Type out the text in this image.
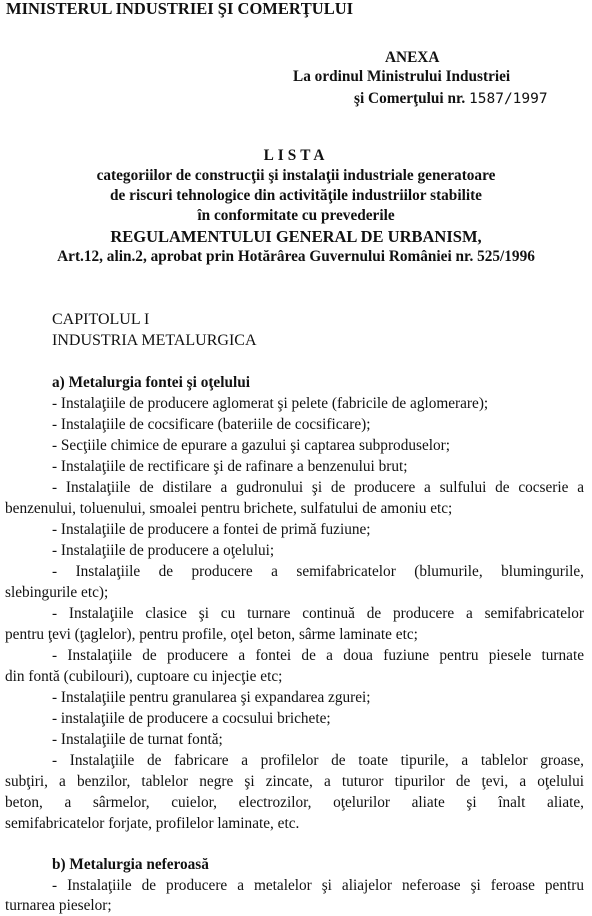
MINISTERUL INDUSTRIEI ŞI COMERŢULUI
ANEXA
La ordinul Ministrului Industriei
şi Comerţului nr. 1587/1997
LISTA
categoriilor de construcţii şi instalaţii industriale generatoare
de riscuri tehnologice din activităţile industriilor stabilite
în conformitate cu prevederile
REGULAMENTULUI GENERAL DE URBANISM,
Art.12, alin.2, aprobat prin Hotărârea Guvernului României nr. 525/1996
CAPITOLUL I
INDUSTRIA METALURGICA
a) Metalurgia fontei şi oţelului
- Instalaţiile de producere aglomerat şi pelete (fabricile de aglomerare);
- Instalaţiile de cocsificare (bateriile de cocsificare);
- Secţiile chimice de epurare a gazului şi captarea subproduselor;
- Instalaţiile de rectificare şi de rafinare a benzenului brut;
- Instalaţiile de distilare a gudronului şi de producere a sulfului de cocserie a
benzenului, toluenului, smoalei pentru brichete, sulfatului de amoniu etc;
- Instalaţiile de producere a fontei de primă fuziune;
- Instalaţiile de producere a oţelului;
- Instalaţiile de producere a semifabricatelor (blumurile, blumingurile,
slebingurile etc);
- Instalaţiile clasice şi cu turnare continuă de producere a semifabricatelor
pentru ţevi (ţaglelor), pentru profile, oţel beton, sârme laminate etc;
- Instalaţiile de producere a fontei de a doua fuziune pentru piesele turnate
din fontă (cubilouri), cuptoare cu injecţie etc;
- Instalaţiile pentru granularea şi expandarea zgurei;
- instalaţiile de producere a cocsului brichete;
- Instalaţiile de turnat fontă;
- Instalaţiile de fabricare a profilelor de toate tipurile, a tablelor groase,
subţiri, a benzilor, tablelor negre şi zincate, a tuturor tipurilor de ţevi, a oţelului
beton, a sârmelor, cuielor, electrozilor, oţelurilor aliate şi înalt aliate,
semifabricatelor forjate, profilelor laminate, etc.
b) Metalurgia neferoasă
- Instalaţiile de producere a metalelor şi aliajelor neferoase şi feroase pentru
turnarea pieselor;
